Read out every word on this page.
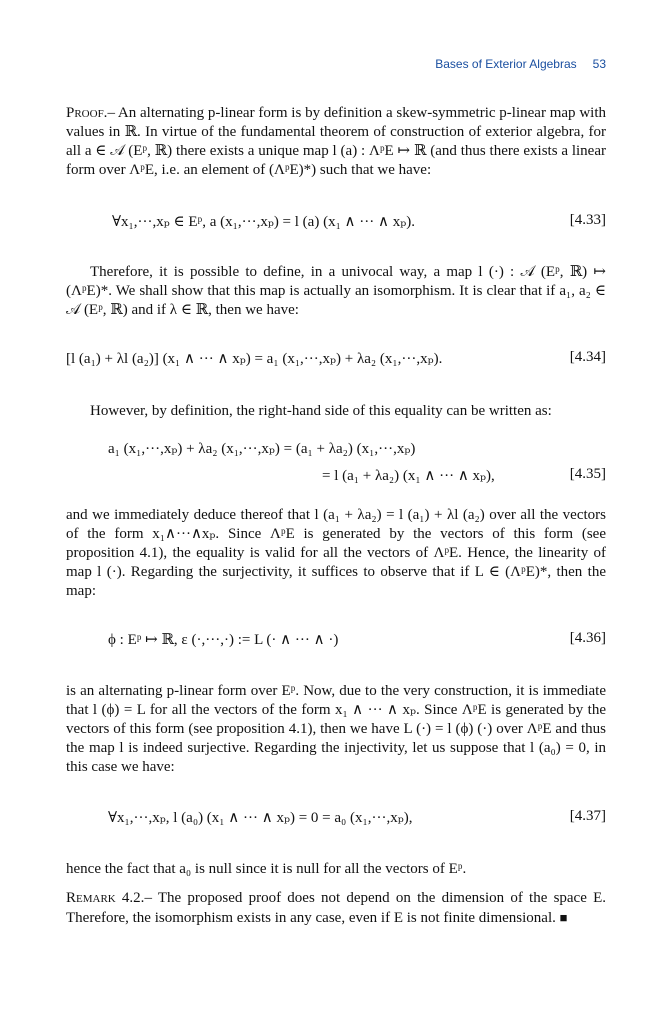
Bases of Exterior Algebras 53
Proof.– An alternating p-linear form is by definition a skew-symmetric p-linear map with values in ℝ. In virtue of the fundamental theorem of construction of exterior algebra, for all a ∈ 𝒜 (Eᵖ, ℝ) there exists a unique map l (a) : ΛᵖE ↦ ℝ (and thus there exists a linear form over ΛᵖE, i.e. an element of (ΛᵖE)*) such that we have:
∀x₁,···,xₚ ∈ Eᵖ, a (x₁,···,xₚ) = l (a) (x₁ ∧ ··· ∧ xₚ).	[4.33]
Therefore, it is possible to define, in a univocal way, a map l (·) : 𝒜 (Eᵖ, ℝ) ↦ (ΛᵖE)*. We shall show that this map is actually an isomorphism. It is clear that if a₁, a₂ ∈ 𝒜 (Eᵖ, ℝ) and if λ ∈ ℝ, then we have:
[l (a₁) + λl (a₂)] (x₁ ∧ ··· ∧ xₚ) = a₁ (x₁,···,xₚ) + λa₂ (x₁,···,xₚ).	[4.34]
However, by definition, the right-hand side of this equality can be written as:
a₁ (x₁,···,xₚ) + λa₂ (x₁,···,xₚ) = (a₁ + λa₂) (x₁,···,xₚ)
= l (a₁ + λa₂) (x₁ ∧ ··· ∧ xₚ),	[4.35]
and we immediately deduce thereof that l (a₁ + λa₂) = l (a₁) + λl (a₂) over all the vectors of the form x₁∧···∧xₚ. Since ΛᵖE is generated by the vectors of this form (see proposition 4.1), the equality is valid for all the vectors of ΛᵖE. Hence, the linearity of map l (·). Regarding the surjectivity, it suffices to observe that if L ∈ (ΛᵖE)*, then the map:
ϕ : Eᵖ ↦ ℝ, ε (·,···,·) := L (· ∧ ··· ∧ ·)	[4.36]
is an alternating p-linear form over Eᵖ. Now, due to the very construction, it is immediate that l (ϕ) = L for all the vectors of the form x₁ ∧ ··· ∧ xₚ. Since ΛᵖE is generated by the vectors of this form (see proposition 4.1), then we have L (·) = l (ϕ) (·) over ΛᵖE and thus the map l is indeed surjective. Regarding the injectivity, let us suppose that l (a₀) = 0, in this case we have:
∀x₁,···,xₚ, l (a₀) (x₁ ∧ ··· ∧ xₚ) = 0 = a₀ (x₁,···,xₚ),	[4.37]
hence the fact that a₀ is null since it is null for all the vectors of Eᵖ.
Remark 4.2.– The proposed proof does not depend on the dimension of the space E. Therefore, the isomorphism exists in any case, even if E is not finite dimensional. ■
